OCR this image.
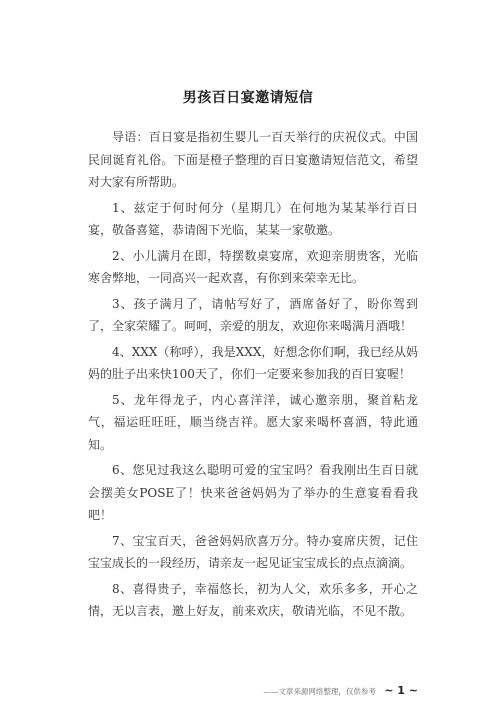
男孩百日宴邀请短信

导语：百日宴是指初生婴儿一百天举行的庆祝仪式。中国民间诞育礼俗。下面是橙子整理的百日宴邀请短信范文，希望对大家有所帮助。

1、兹定于何时何分（星期几）在何地为某某举行百日宴，敬备喜筵，恭请阁下光临，某某一家敬邀。

2、小儿满月在即，特摆数桌宴席，欢迎亲朋贵客，光临寒舍弊地，一同高兴一起欢喜，有你到来荣幸无比。

3、孩子满月了，请帖写好了，酒席备好了，盼你驾到了，全家荣耀了。呵呵，亲爱的朋友，欢迎你来喝满月酒哦！

4、XXX（称呼），我是XXX，好想念你们啊，我已经从妈妈的肚子出来快100天了，你们一定要来参加我的百日宴喔！

5、龙年得龙子，内心喜洋洋，诚心邀亲朋，聚首粘龙气，福运旺旺旺，顺当绕吉祥。愿大家来喝杯喜酒，特此通知。

6、您见过我这么聪明可爱的宝宝吗？看我刚出生百日就会摆美女POSE了！快来爸爸妈妈为了举办的生意宴看看我吧！

7、宝宝百天，爸爸妈妈欣喜万分。特办宴席庆贺，记住宝宝成长的一段经历，请亲友一起见证宝宝成长的点点滴滴。

8、喜得贵子，幸福悠长，初为人父，欢乐多多，开心之情，无以言表，邀上好友，前来欢庆，敬请光临，不见不散。

——文章来源网络整理，仅供参考 ~ 1 ~
